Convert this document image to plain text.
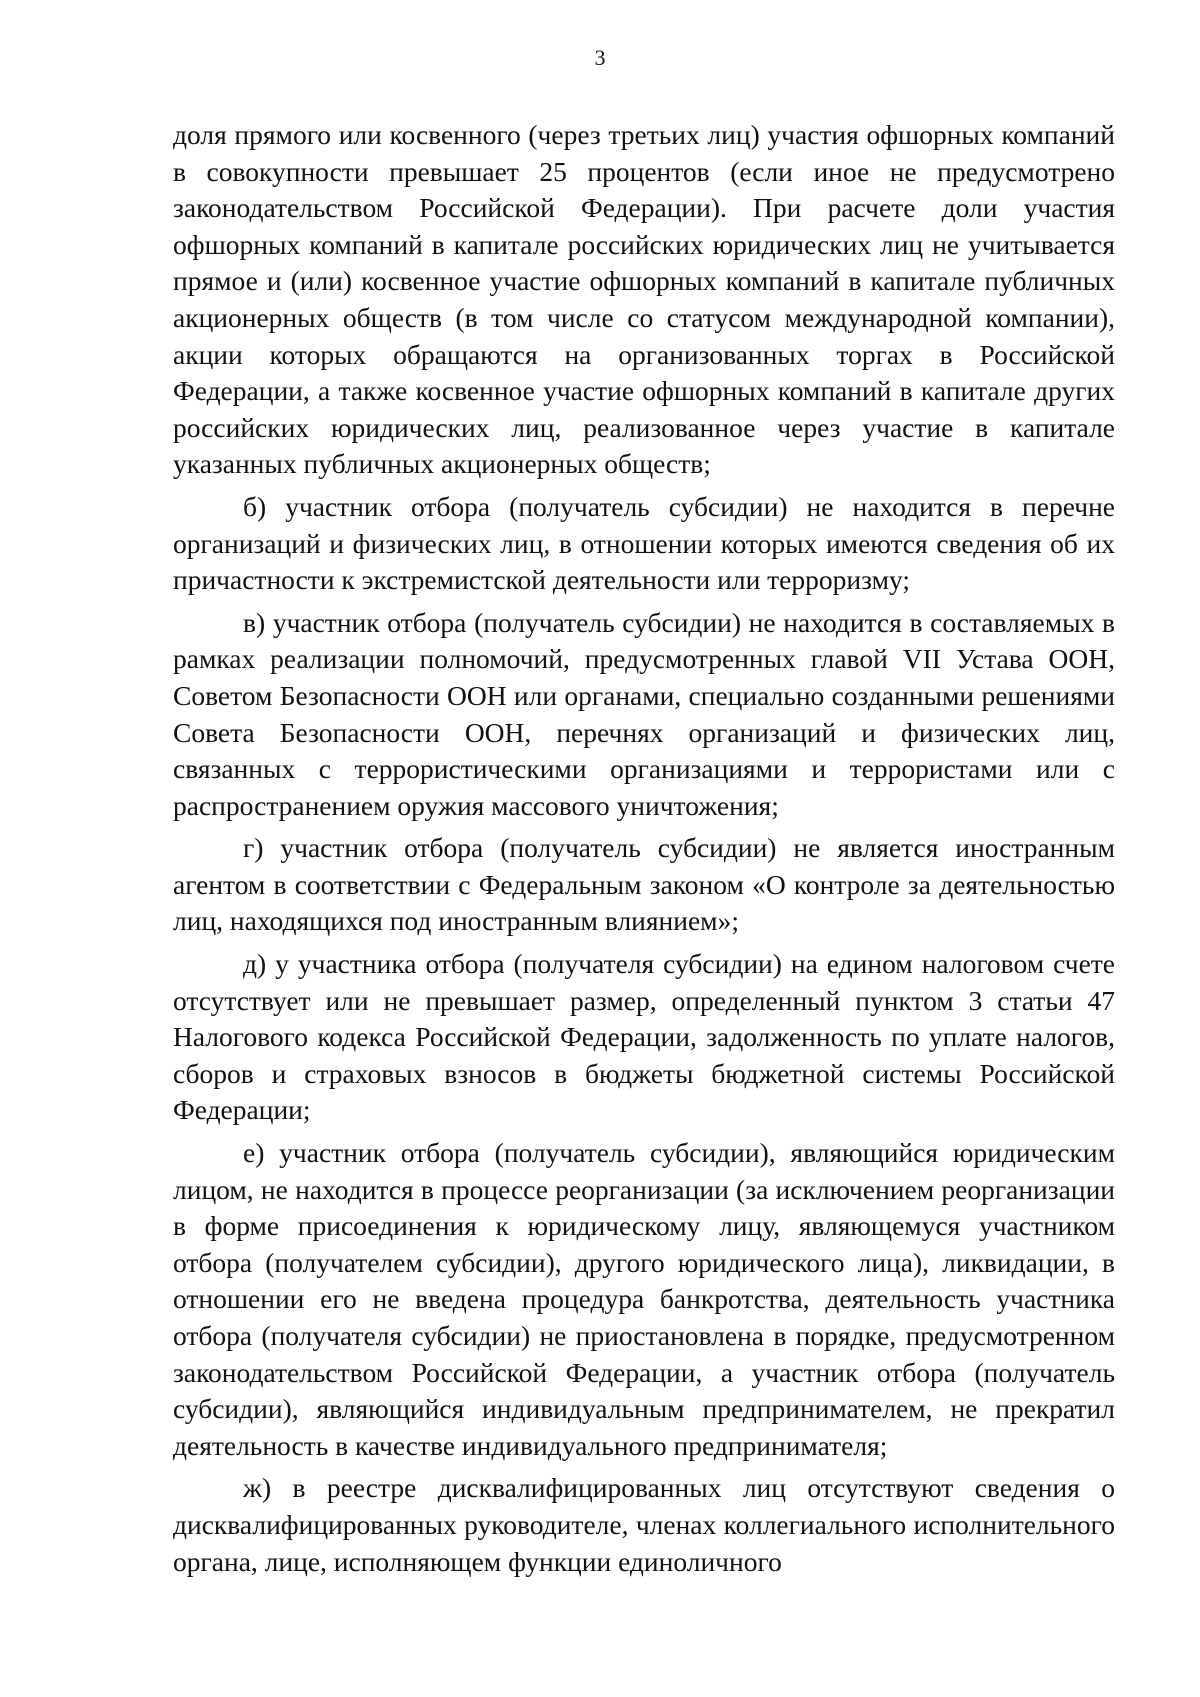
3

доля прямого или косвенного (через третьих лиц) участия офшорных компаний в совокупности превышает 25 процентов (если иное не предусмотрено законодательством Российской Федерации). При расчете доли участия офшорных компаний в капитале российских юридических лиц не учитывается прямое и (или) косвенное участие офшорных компаний в капитале публичных акционерных обществ (в том числе со статусом международной компании), акции которых обращаются на организованных торгах в Российской Федерации, а также косвенное участие офшорных компаний в капитале других российских юридических лиц, реализованное через участие в капитале указанных публичных акционерных обществ;

б) участник отбора (получатель субсидии) не находится в перечне организаций и физических лиц, в отношении которых имеются сведения об их причастности к экстремистской деятельности или терроризму;

в) участник отбора (получатель субсидии) не находится в составляемых в рамках реализации полномочий, предусмотренных главой VII Устава ООН, Советом Безопасности ООН или органами, специально созданными решениями Совета Безопасности ООН, перечнях организаций и физических лиц, связанных с террористическими организациями и террористами или с распространением оружия массового уничтожения;

г) участник отбора (получатель субсидии) не является иностранным агентом в соответствии с Федеральным законом «О контроле за деятельностью лиц, находящихся под иностранным влиянием»;

д) у участника отбора (получателя субсидии) на едином налоговом счете отсутствует или не превышает размер, определенный пунктом 3 статьи 47 Налогового кодекса Российской Федерации, задолженность по уплате налогов, сборов и страховых взносов в бюджеты бюджетной системы Российской Федерации;

е) участник отбора (получатель субсидии), являющийся юридическим лицом, не находится в процессе реорганизации (за исключением реорганизации в форме присоединения к юридическому лицу, являющемуся участником отбора (получателем субсидии), другого юридического лица), ликвидации, в отношении его не введена процедура банкротства, деятельность участника отбора (получателя субсидии) не приостановлена в порядке, предусмотренном законодательством Российской Федерации, а участник отбора (получатель субсидии), являющийся индивидуальным предпринимателем, не прекратил деятельность в качестве индивидуального предпринимателя;

ж) в реестре дисквалифицированных лиц отсутствуют сведения о дисквалифицированных руководителе, членах коллегиального исполнительного органа, лице, исполняющем функции единоличного
